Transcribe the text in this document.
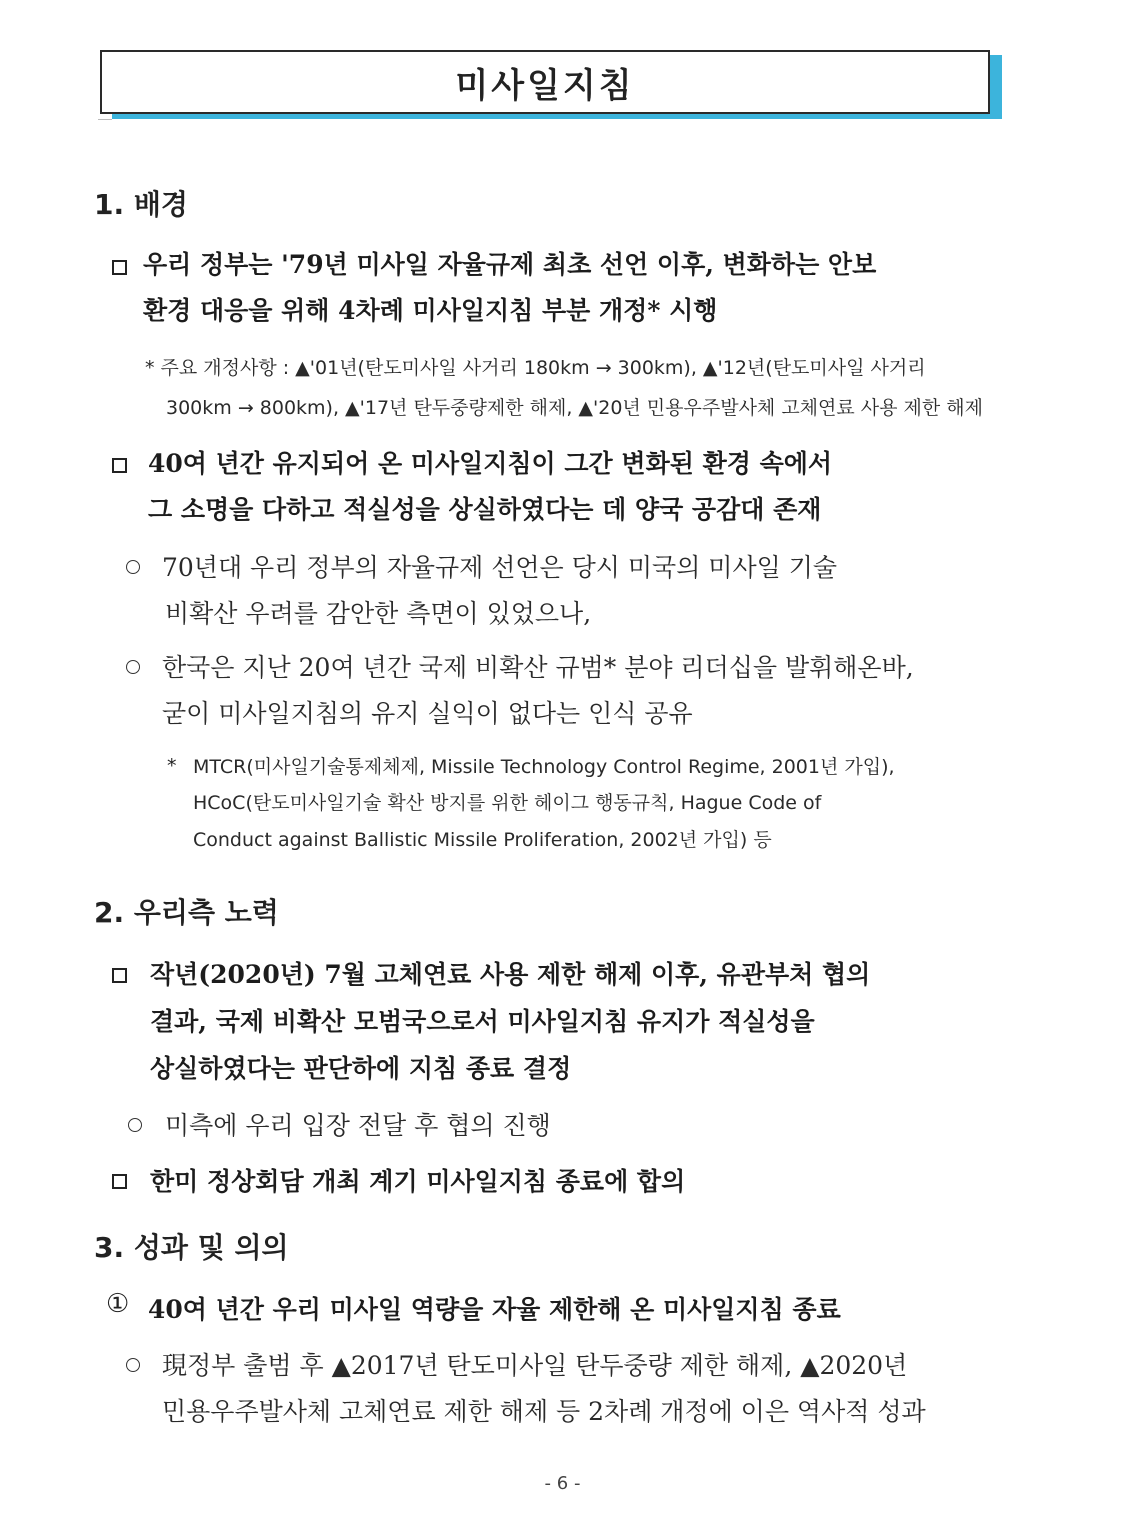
미사일지침
1. 배경
우리 정부는 '79년 미사일 자율규제 최초 선언 이후, 변화하는 안보
환경 대응을 위해 4차례 미사일지침 부분 개정* 시행
* 주요 개정사항 : ▲'01년(탄도미사일 사거리 180km → 300km), ▲'12년(탄도미사일 사거리
300km → 800km), ▲'17년 탄두중량제한 해제, ▲'20년 민용우주발사체 고체연료 사용 제한 해제
40여 년간 유지되어 온 미사일지침이 그간 변화된 환경 속에서
그 소명을 다하고 적실성을 상실하였다는 데 양국 공감대 존재
70년대 우리 정부의 자율규제 선언은 당시 미국의 미사일 기술
비확산 우려를 감안한 측면이 있었으나,
한국은 지난 20여 년간 국제 비확산 규범* 분야 리더십을 발휘해온바,
굳이 미사일지침의 유지 실익이 없다는 인식 공유
* MTCR(미사일기술통제체제, Missile Technology Control Regime, 2001년 가입),
HCoC(탄도미사일기술 확산 방지를 위한 헤이그 행동규칙, Hague Code of
Conduct against Ballistic Missile Proliferation, 2002년 가입) 등
2. 우리측 노력
작년(2020년) 7월 고체연료 사용 제한 해제 이후, 유관부처 협의
결과, 국제 비확산 모범국으로서 미사일지침 유지가 적실성을
상실하였다는 판단하에 지침 종료 결정
미측에 우리 입장 전달 후 협의 진행
한미 정상회담 개최 계기 미사일지침 종료에 합의
3. 성과 및 의의
① 40여 년간 우리 미사일 역량을 자율 제한해 온 미사일지침 종료
現정부 출범 후 ▲2017년 탄도미사일 탄두중량 제한 해제, ▲2020년
민용우주발사체 고체연료 제한 해제 등 2차례 개정에 이은 역사적 성과
- 6 -
